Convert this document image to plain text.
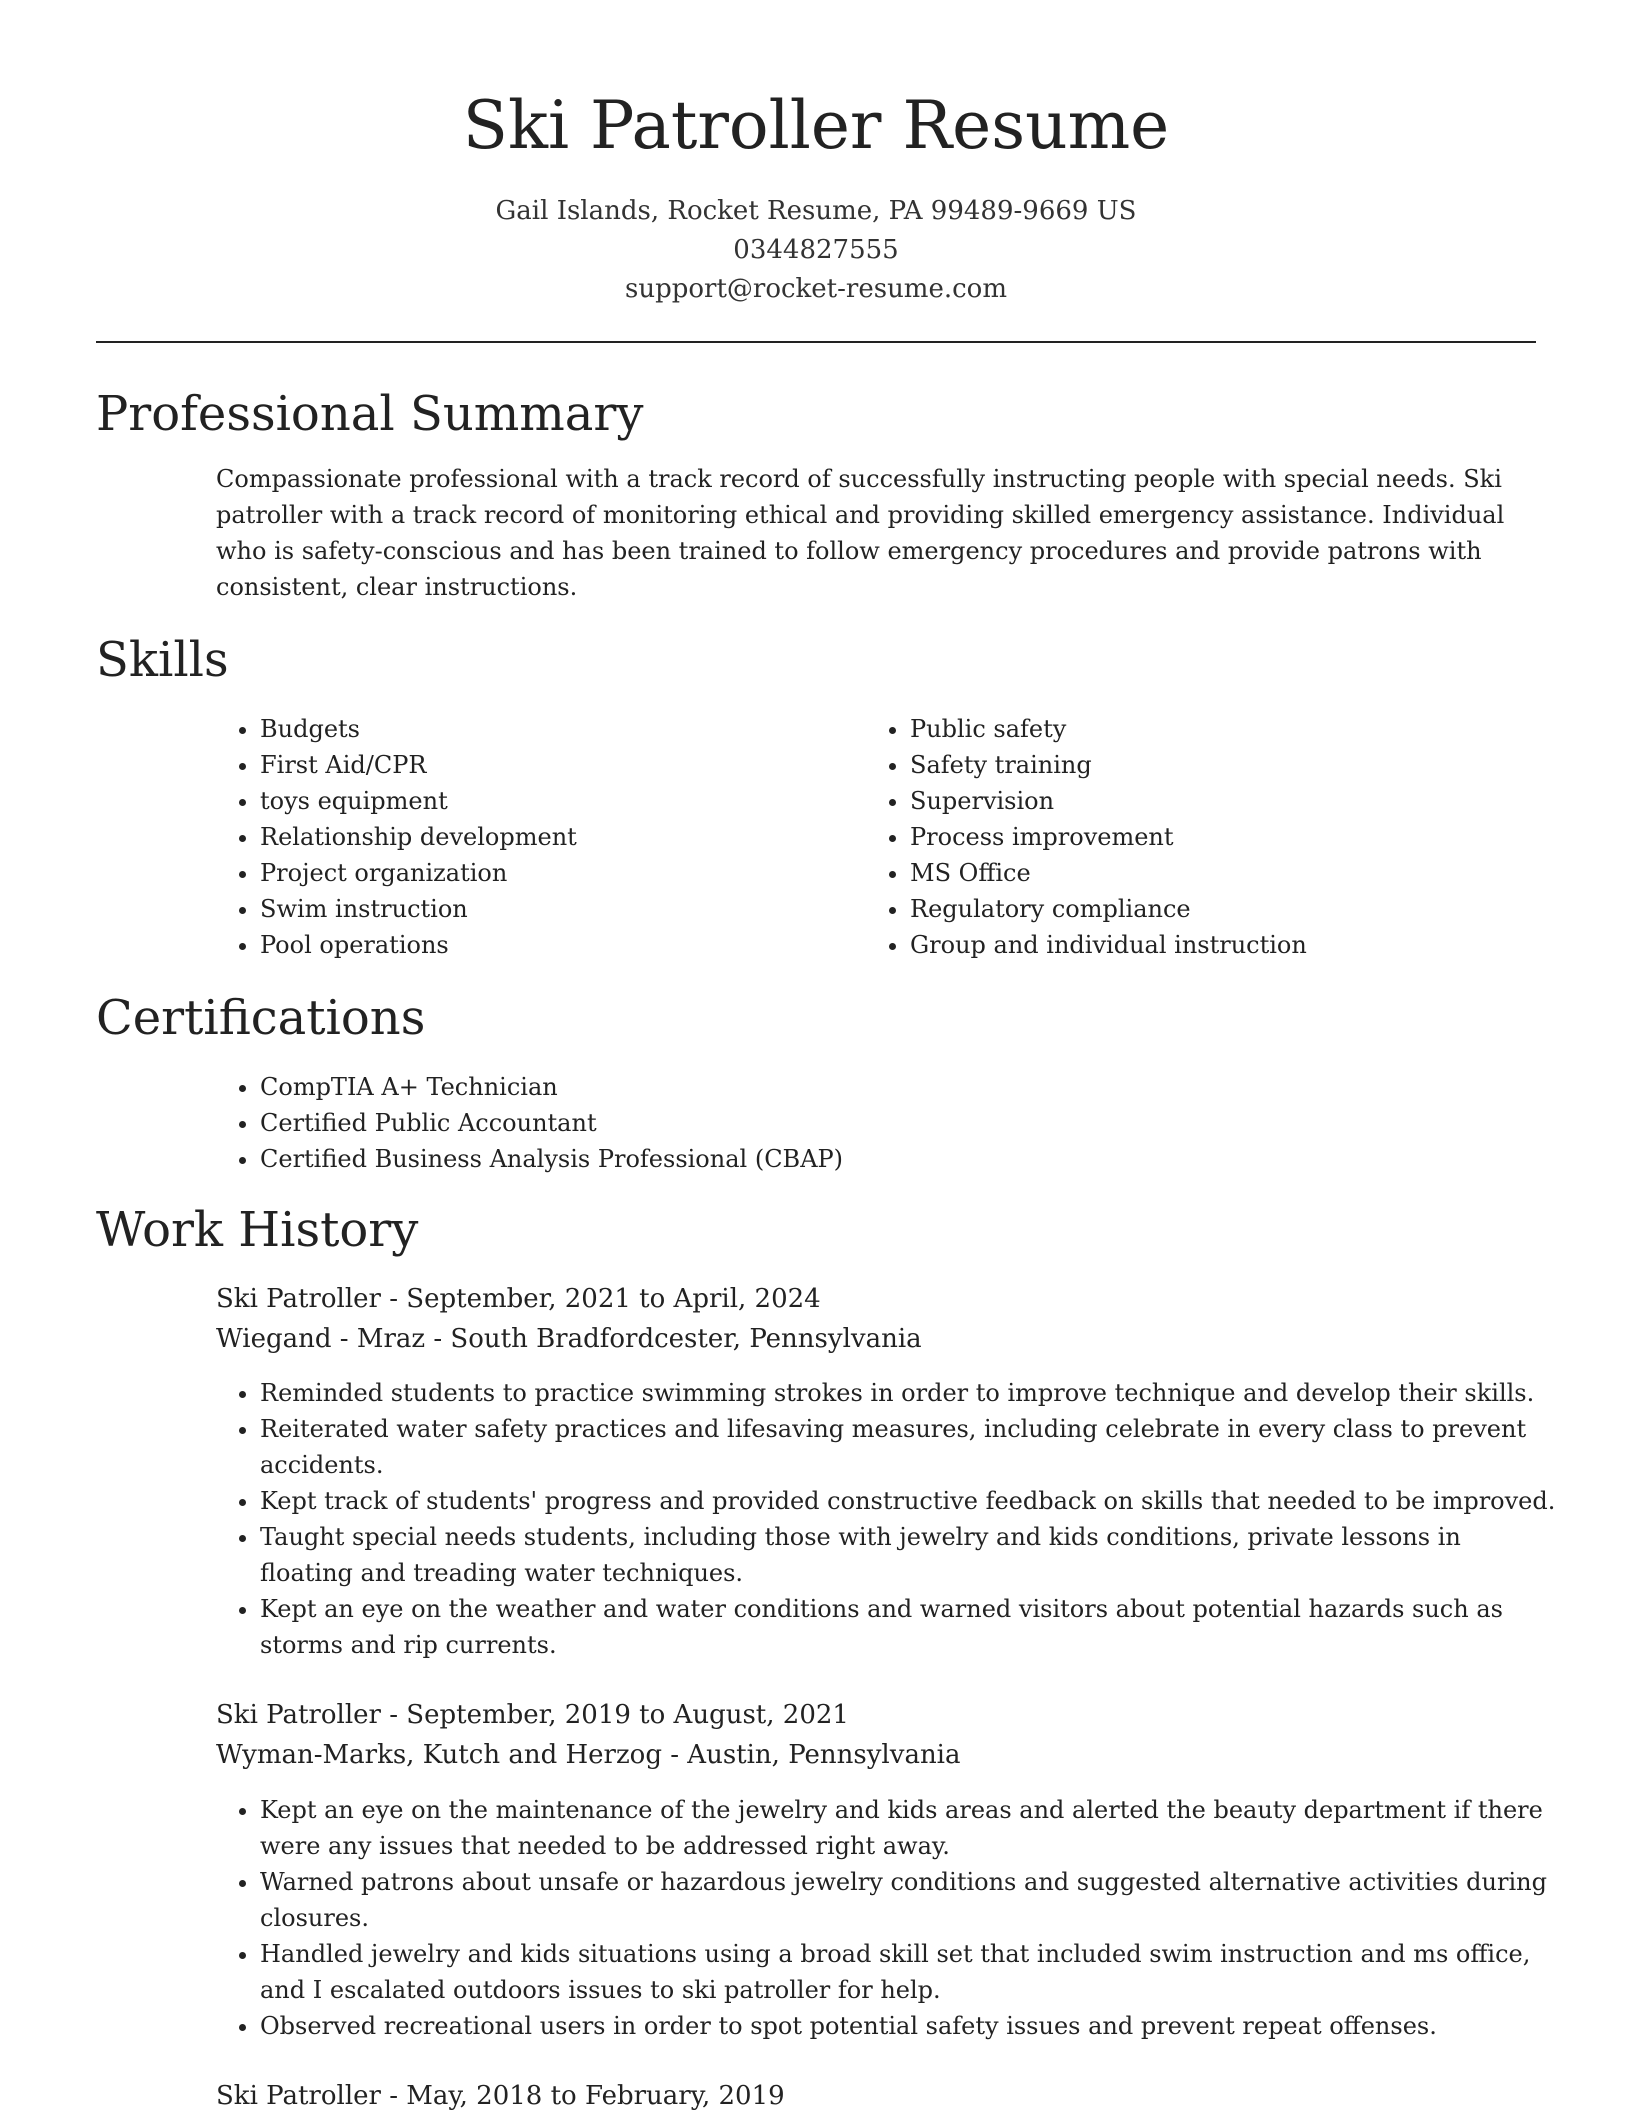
Ski Patroller Resume
Gail Islands, Rocket Resume, PA 99489-9669 US
0344827555
support@rocket-resume.com
Professional Summary

Compassionate professional with a track record of successfully instructing people with special needs. Ski patroller with a track record of monitoring ethical and providing skilled emergency assistance. Individual who is safety-conscious and has been trained to follow emergency procedures and provide patrons with consistent, clear instructions.

Skills
• Budgets
• First Aid/CPR
• toys equipment
• Relationship development
• Project organization
• Swim instruction
• Pool operations
• Public safety
• Safety training
• Supervision
• Process improvement
• MS Office
• Regulatory compliance
• Group and individual instruction
Certifications
• CompTIA A+ Technician
• Certified Public Accountant
• Certified Business Analysis Professional (CBAP)
Work History
Ski Patroller - September, 2021 to April, 2024
Wiegand - Mraz - South Bradfordcester, Pennsylvania
• Reminded students to practice swimming strokes in order to improve technique and develop their skills.
• Reiterated water safety practices and lifesaving measures, including celebrate in every class to prevent accidents.
• Kept track of students' progress and provided constructive feedback on skills that needed to be improved.
• Taught special needs students, including those with jewelry and kids conditions, private lessons in floating and treading water techniques.
• Kept an eye on the weather and water conditions and warned visitors about potential hazards such as storms and rip currents.
Ski Patroller - September, 2019 to August, 2021
Wyman-Marks, Kutch and Herzog - Austin, Pennsylvania
• Kept an eye on the maintenance of the jewelry and kids areas and alerted the beauty department if there were any issues that needed to be addressed right away.
• Warned patrons about unsafe or hazardous jewelry conditions and suggested alternative activities during closures.
• Handled jewelry and kids situations using a broad skill set that included swim instruction and ms office, and I escalated outdoors issues to ski patroller for help.
• Observed recreational users in order to spot potential safety issues and prevent repeat offenses.
Ski Patroller - May, 2018 to February, 2019
